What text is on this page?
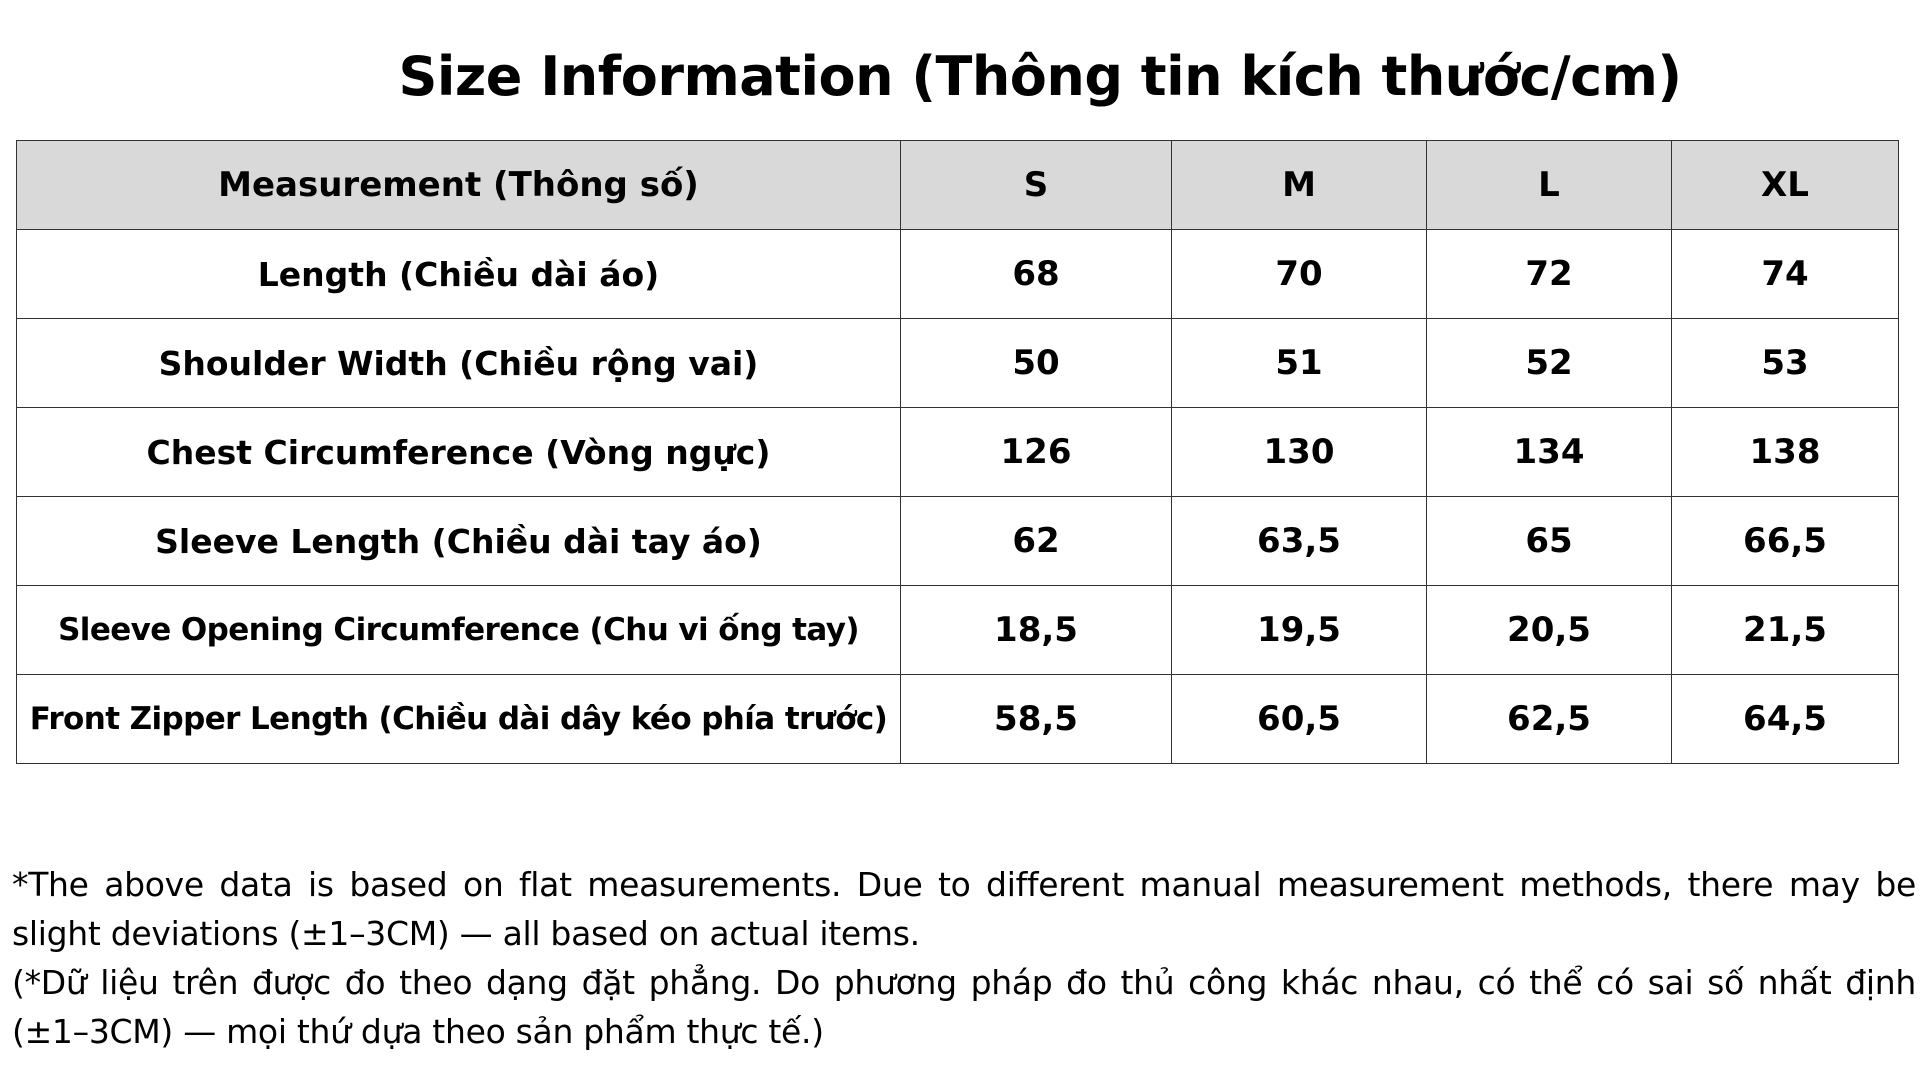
Size Information (Thông tin kích thước/cm)
Measurement (Thông số)	S	M	L	XL
Length (Chiều dài áo)	68	70	72	74
Shoulder Width (Chiều rộng vai)	50	51	52	53
Chest Circumference (Vòng ngực)	126	130	134	138
Sleeve Length (Chiều dài tay áo)	62	63,5	65	66,5
Sleeve Opening Circumference (Chu vi ống tay)	18,5	19,5	20,5	21,5
Front Zipper Length (Chiều dài dây kéo phía trước)	58,5	60,5	62,5	64,5

*The above data is based on flat measurements. Due to different manual measurement methods, there may be slight deviations (±1–3CM) — all based on actual items.

(*Dữ liệu trên được đo theo dạng đặt phẳng. Do phương pháp đo thủ công khác nhau, có thể có sai số nhất định (±1–3CM) — mọi thứ dựa theo sản phẩm thực tế.)
